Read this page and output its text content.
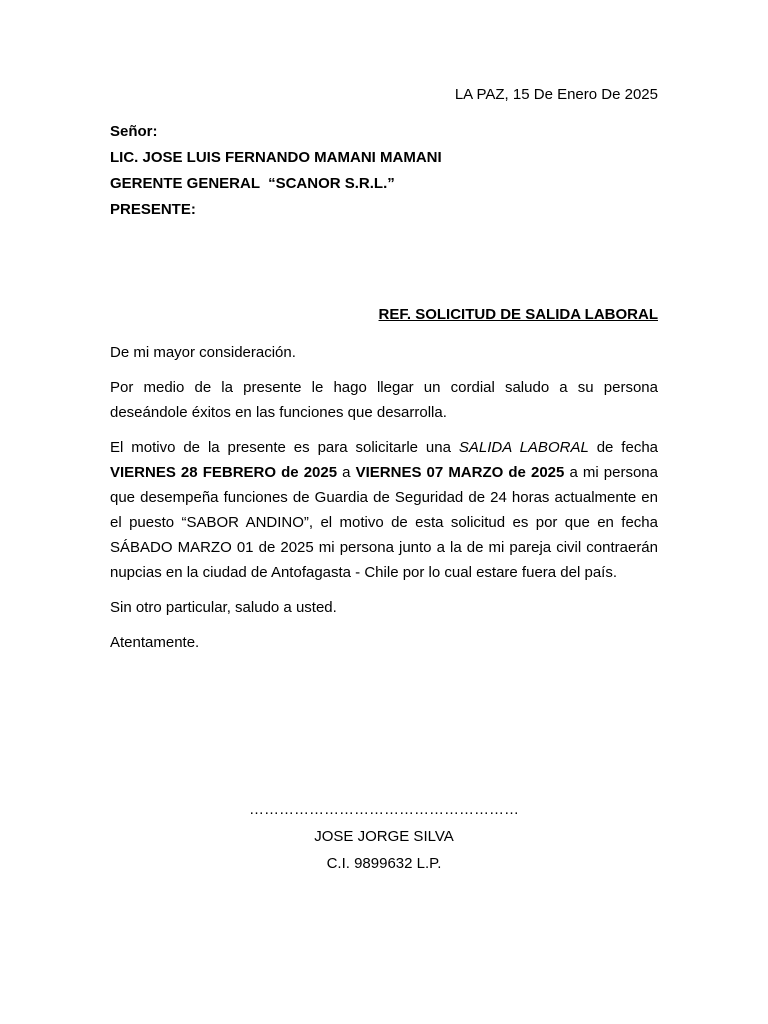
LA PAZ, 15 De Enero De 2025
Señor:
LIC. JOSE LUIS FERNANDO MAMANI MAMANI
GERENTE GENERAL  “SCANOR S.R.L.”
PRESENTE:
REF. SOLICITUD DE SALIDA LABORAL

De mi mayor consideración.

Por medio de la presente le hago llegar un cordial saludo a su persona deseándole éxitos en las funciones que desarrolla.

El motivo de la presente es para solicitarle una SALIDA LABORAL de fecha VIERNES 28 FEBRERO de 2025 a VIERNES 07 MARZO de 2025 a mi persona que desempeña funciones de Guardia de Seguridad de 24 horas actualmente en el puesto “SABOR ANDINO”, el motivo de esta solicitud es por que en fecha SÁBADO MARZO 01 de 2025 mi persona junto a la de mi pareja civil contraerán nupcias en la ciudad de Antofagasta - Chile por lo cual estare fuera del país.

Sin otro particular, saludo a usted.

Atentamente.

………………………………………………
JOSE JORGE SILVA
C.I. 9899632 L.P.
